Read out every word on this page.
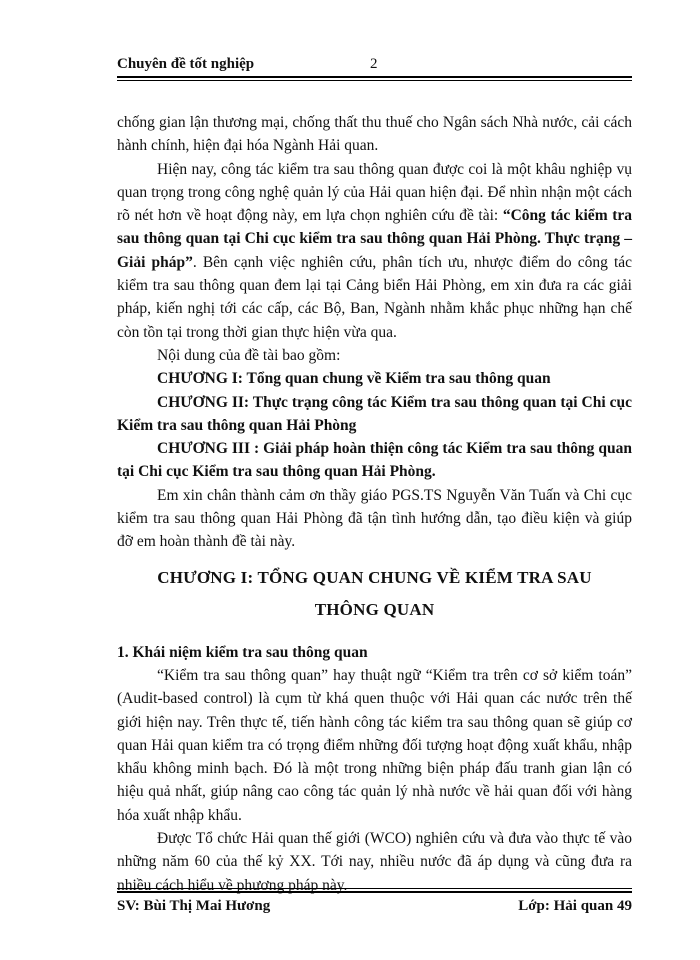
Chuyên đề tốt nghiệp	2

chống gian lận thương mại, chống thất thu thuế cho Ngân sách Nhà nước, cải cách hành chính, hiện đại hóa Ngành Hải quan.

Hiện nay, công tác kiểm tra sau thông quan được coi là một khâu nghiệp vụ quan trọng trong công nghệ quản lý của Hải quan hiện đại. Để nhìn nhận một cách rõ nét hơn về hoạt động này, em lựa chọn nghiên cứu đề tài: “Công tác kiểm tra sau thông quan tại Chi cục kiểm tra sau thông quan Hải Phòng. Thực trạng – Giải pháp”. Bên cạnh việc nghiên cứu, phân tích ưu, nhược điểm do công tác kiểm tra sau thông quan đem lại tại Cảng biển Hải Phòng, em xin đưa ra các giải pháp, kiến nghị tới các cấp, các Bộ, Ban, Ngành nhằm khắc phục những hạn chế còn tồn tại trong thời gian thực hiện vừa qua.

Nội dung của đề tài bao gồm:

CHƯƠNG I: Tổng quan chung về Kiểm tra sau thông quan

CHƯƠNG II: Thực trạng công tác Kiểm tra sau thông quan tại Chi cục Kiểm tra sau thông quan Hải Phòng

CHƯƠNG III : Giải pháp hoàn thiện công tác Kiểm tra sau thông quan tại Chi cục Kiểm tra sau thông quan Hải Phòng.

Em xin chân thành cảm ơn thầy giáo PGS.TS Nguyễn Văn Tuấn và Chi cục kiểm tra sau thông quan Hải Phòng đã tận tình hướng dẫn, tạo điều kiện và giúp đỡ em hoàn thành đề tài này.

CHƯƠNG I: TỔNG QUAN CHUNG VỀ KIỂM TRA SAU
THÔNG QUAN

1. Khái niệm kiểm tra sau thông quan

“Kiểm tra sau thông quan” hay thuật ngữ “Kiểm tra trên cơ sở kiểm toán” (Audit-based control) là cụm từ khá quen thuộc với Hải quan các nước trên thế giới hiện nay. Trên thực tế, tiến hành công tác kiểm tra sau thông quan sẽ giúp cơ quan Hải quan kiểm tra có trọng điểm những đối tượng hoạt động xuất khẩu, nhập khẩu không minh bạch. Đó là một trong những biện pháp đấu tranh gian lận có hiệu quả nhất, giúp nâng cao công tác quản lý nhà nước về hải quan đối với hàng hóa xuất nhập khẩu.

Được Tổ chức Hải quan thế giới (WCO) nghiên cứu và đưa vào thực tế vào những năm 60 của thế kỷ XX. Tới nay, nhiều nước đã áp dụng và cũng đưa ra nhiều cách hiểu về phương pháp này.

SV: Bùi Thị Mai Hương	Lớp: Hải quan 49
